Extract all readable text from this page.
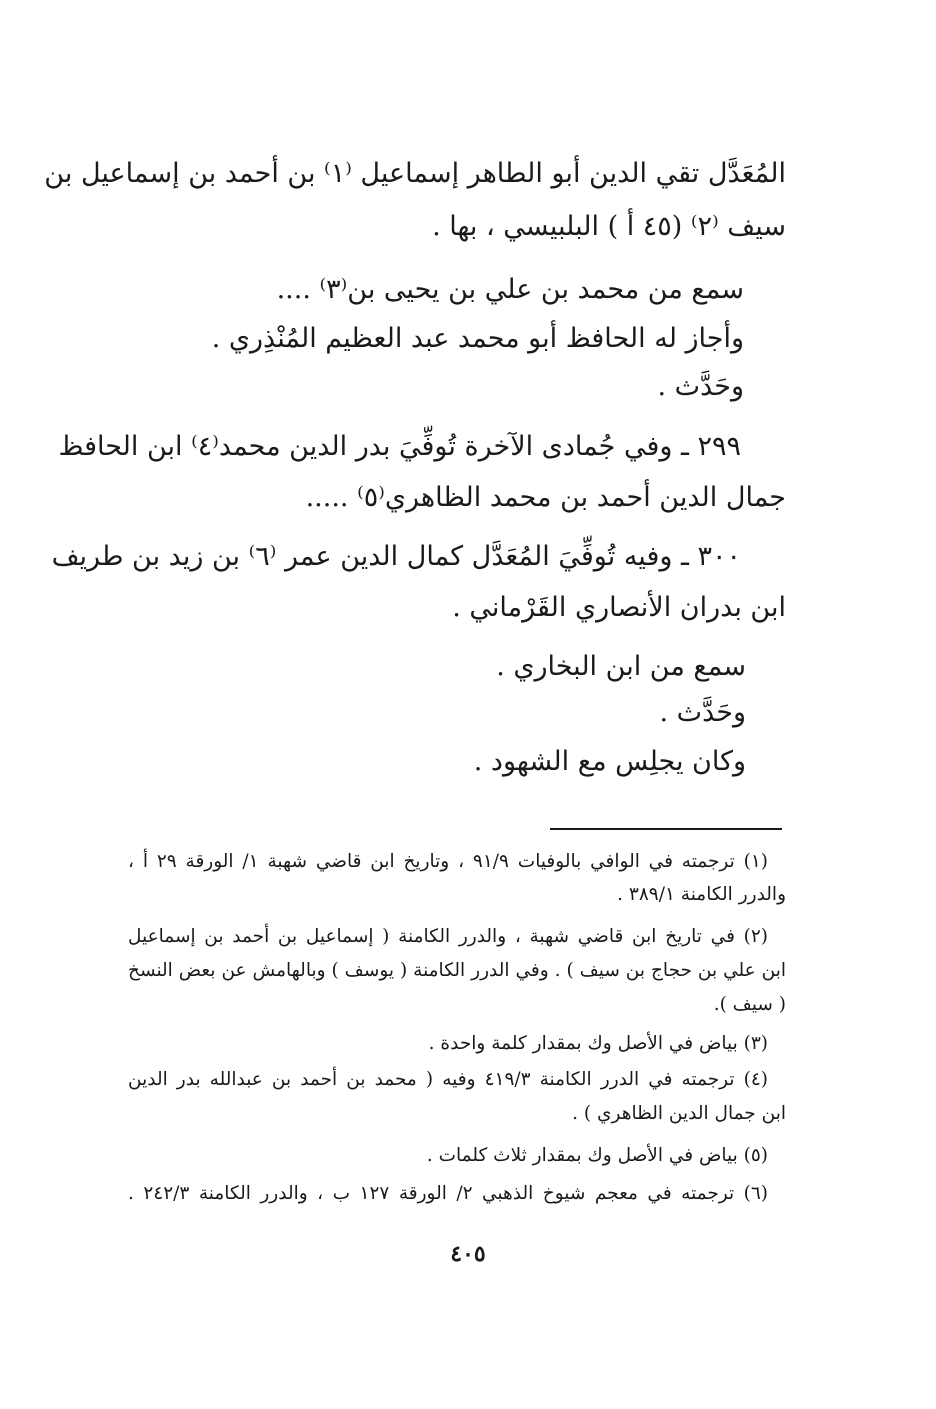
المُعَدَّل تقي الدين أبو الطاهر إسماعيل ⁽١⁾ بن أحمد بن إسماعيل بن
سيف ⁽٢⁾ (٤٥ أ ) البلبيسي ، بها .
سمع من محمد بن علي بن يحيى بن⁽٣⁾ ....
وأجاز له الحافظ أبو محمد عبد العظيم المُنْذِري .
وحَدَّث .
٢٩٩ ـ وفي جُمادى الآخرة تُوفِّيَ بدر الدين محمد⁽٤⁾ ابن الحافظ
جمال الدين أحمد بن محمد الظاهري⁽٥⁾ .....
٣٠٠ ـ وفيه تُوفِّيَ المُعَدَّل كمال الدين عمر ⁽٦⁾ بن زيد بن طريف
ابن بدران الأنصاري القَرْماني .
سمع من ابن البخاري .
وحَدَّث .
وكان يجلِس مع الشهود .
(١) ترجمته في الوافي بالوفيات ٩١/٩ ، وتاريخ ابن قاضي شهبة ١/ الورقة ٢٩ أ ،
والدرر الكامنة ٣٨٩/١ .
(٢) في تاريخ ابن قاضي شهبة ، والدرر الكامنة ( إسماعيل بن أحمد بن إسماعيل
ابن علي بن حجاج بن سيف ) . وفي الدرر الكامنة ( يوسف ) وبالهامش عن بعض النسخ
( سيف ).
(٣) بياض في الأصل وك بمقدار كلمة واحدة .
(٤) ترجمته في الدرر الكامنة ٤١٩/٣ وفيه ( محمد بن أحمد بن عبدالله بدر الدين
ابن جمال الدين الظاهري ) .
(٥) بياض في الأصل وك بمقدار ثلاث كلمات .
(٦) ترجمته في معجم شيوخ الذهبي ٢/ الورقة ١٢٧ ب ، والدرر الكامنة ٢٤٢/٣ .
٤٠٥
